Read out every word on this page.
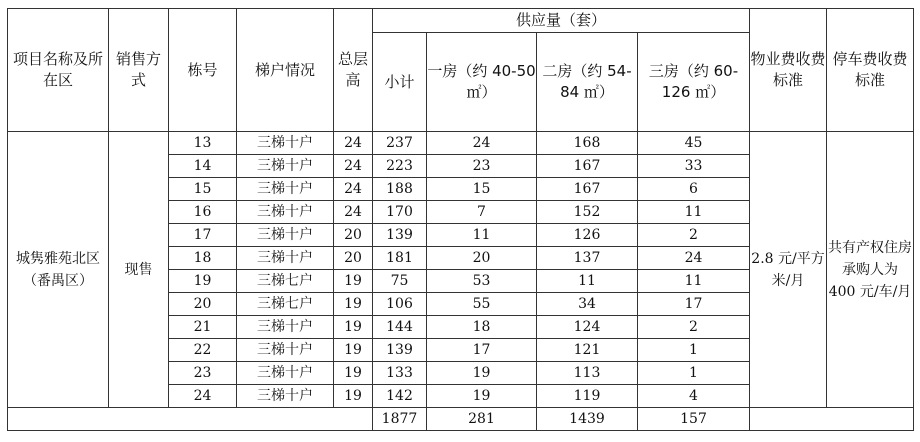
项目名称及所在区	销售方式	栋号	梯户情况	总层高	供应量（套）				物业费收费标准	停车费收费标准
					小计	一房（约 40-50 ㎡）	二房（约 54-84 ㎡）	三房（约 60-126 ㎡）		
城隽雅苑北区（番禺区）	现售	13	三梯十户	24	237	24	168	45	2.8 元/平方米/月	共有产权住房承购人为 400 元/车/月
		14	三梯十户	24	223	23	167	33		
		15	三梯十户	24	188	15	167	6		
		16	三梯十户	24	170	7	152	11		
		17	三梯十户	20	139	11	126	2		
		18	三梯十户	20	181	20	137	24		
		19	三梯七户	19	75	53	11	11		
		20	三梯七户	19	106	55	34	17		
		21	三梯十户	19	144	18	124	2		
		22	三梯十户	19	139	17	121	1		
		23	三梯十户	19	133	19	113	1		
		24	三梯十户	19	142	19	119	4		
					1877	281	1439	157		
